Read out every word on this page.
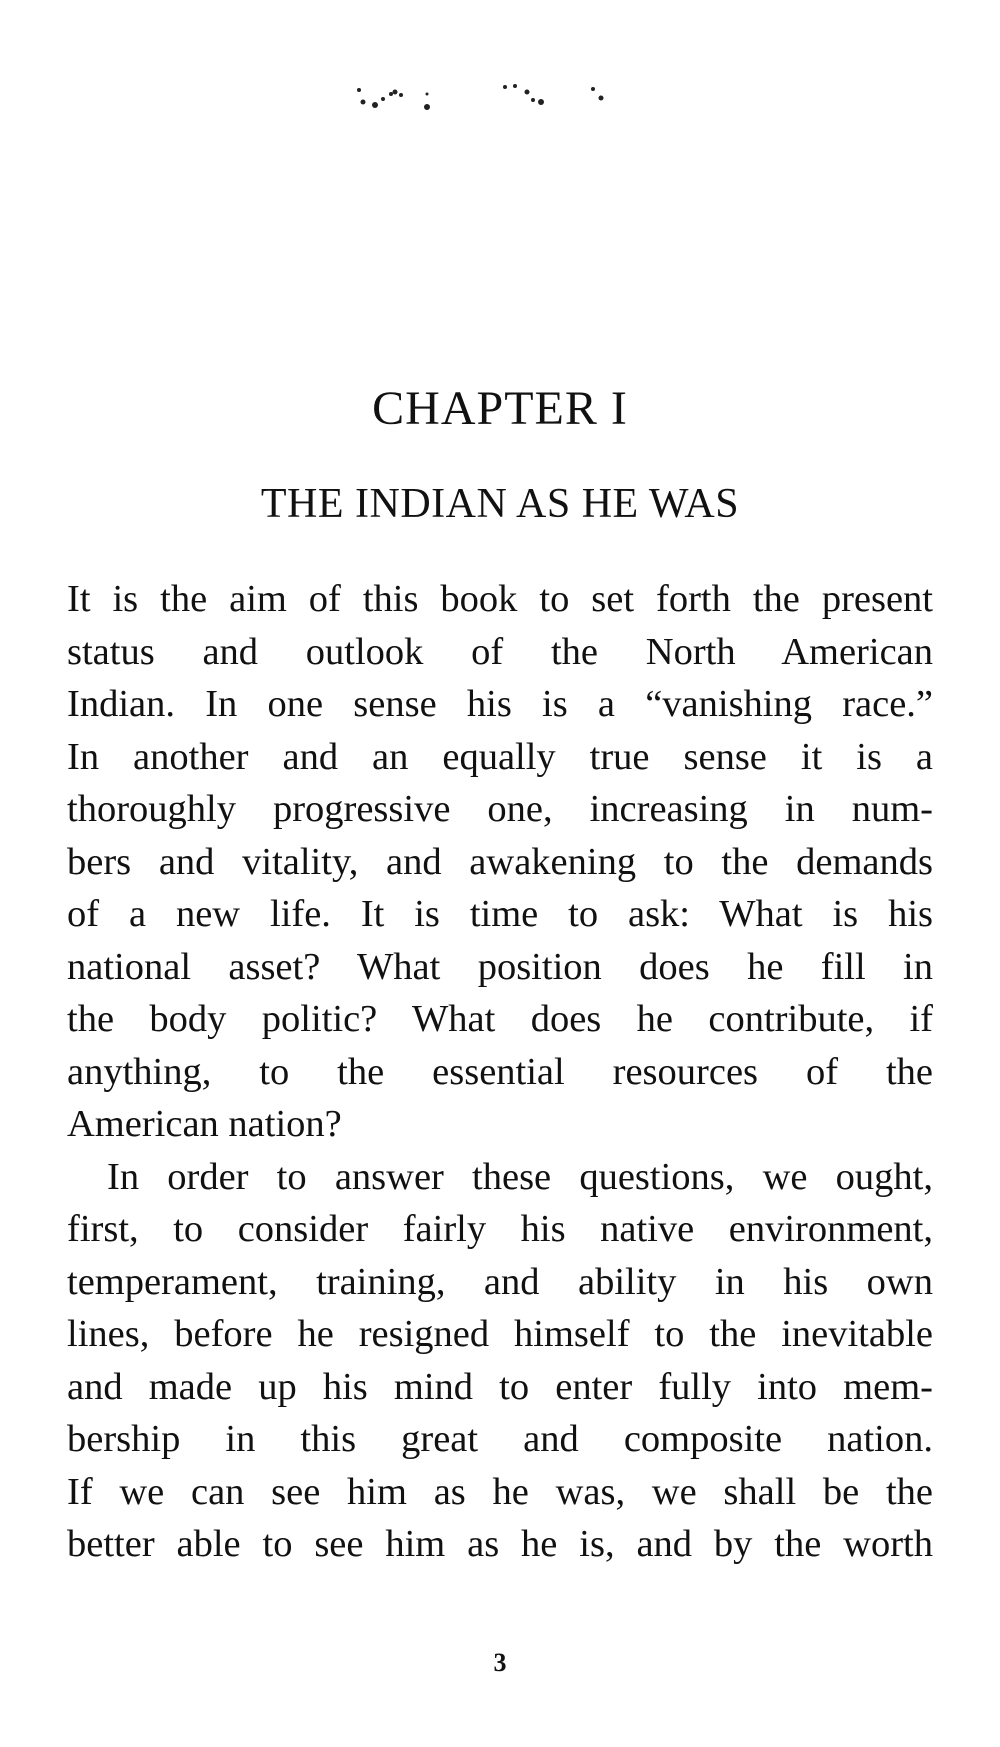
CHAPTER I
THE INDIAN AS HE WAS
It is the aim of this book to set forth the present
status and outlook of the North American
Indian. In one sense his is a “vanishing race.”
In another and an equally true sense it is a
thoroughly progressive one, increasing in num-
bers and vitality, and awakening to the demands
of a new life. It is time to ask: What is his
national asset? What position does he fill in
the body politic? What does he contribute, if
anything, to the essential resources of the
American nation?
In order to answer these questions, we ought,
first, to consider fairly his native environment,
temperament, training, and ability in his own
lines, before he resigned himself to the inevitable
and made up his mind to enter fully into mem-
bership in this great and composite nation.
If we can see him as he was, we shall be the
better able to see him as he is, and by the worth
3
